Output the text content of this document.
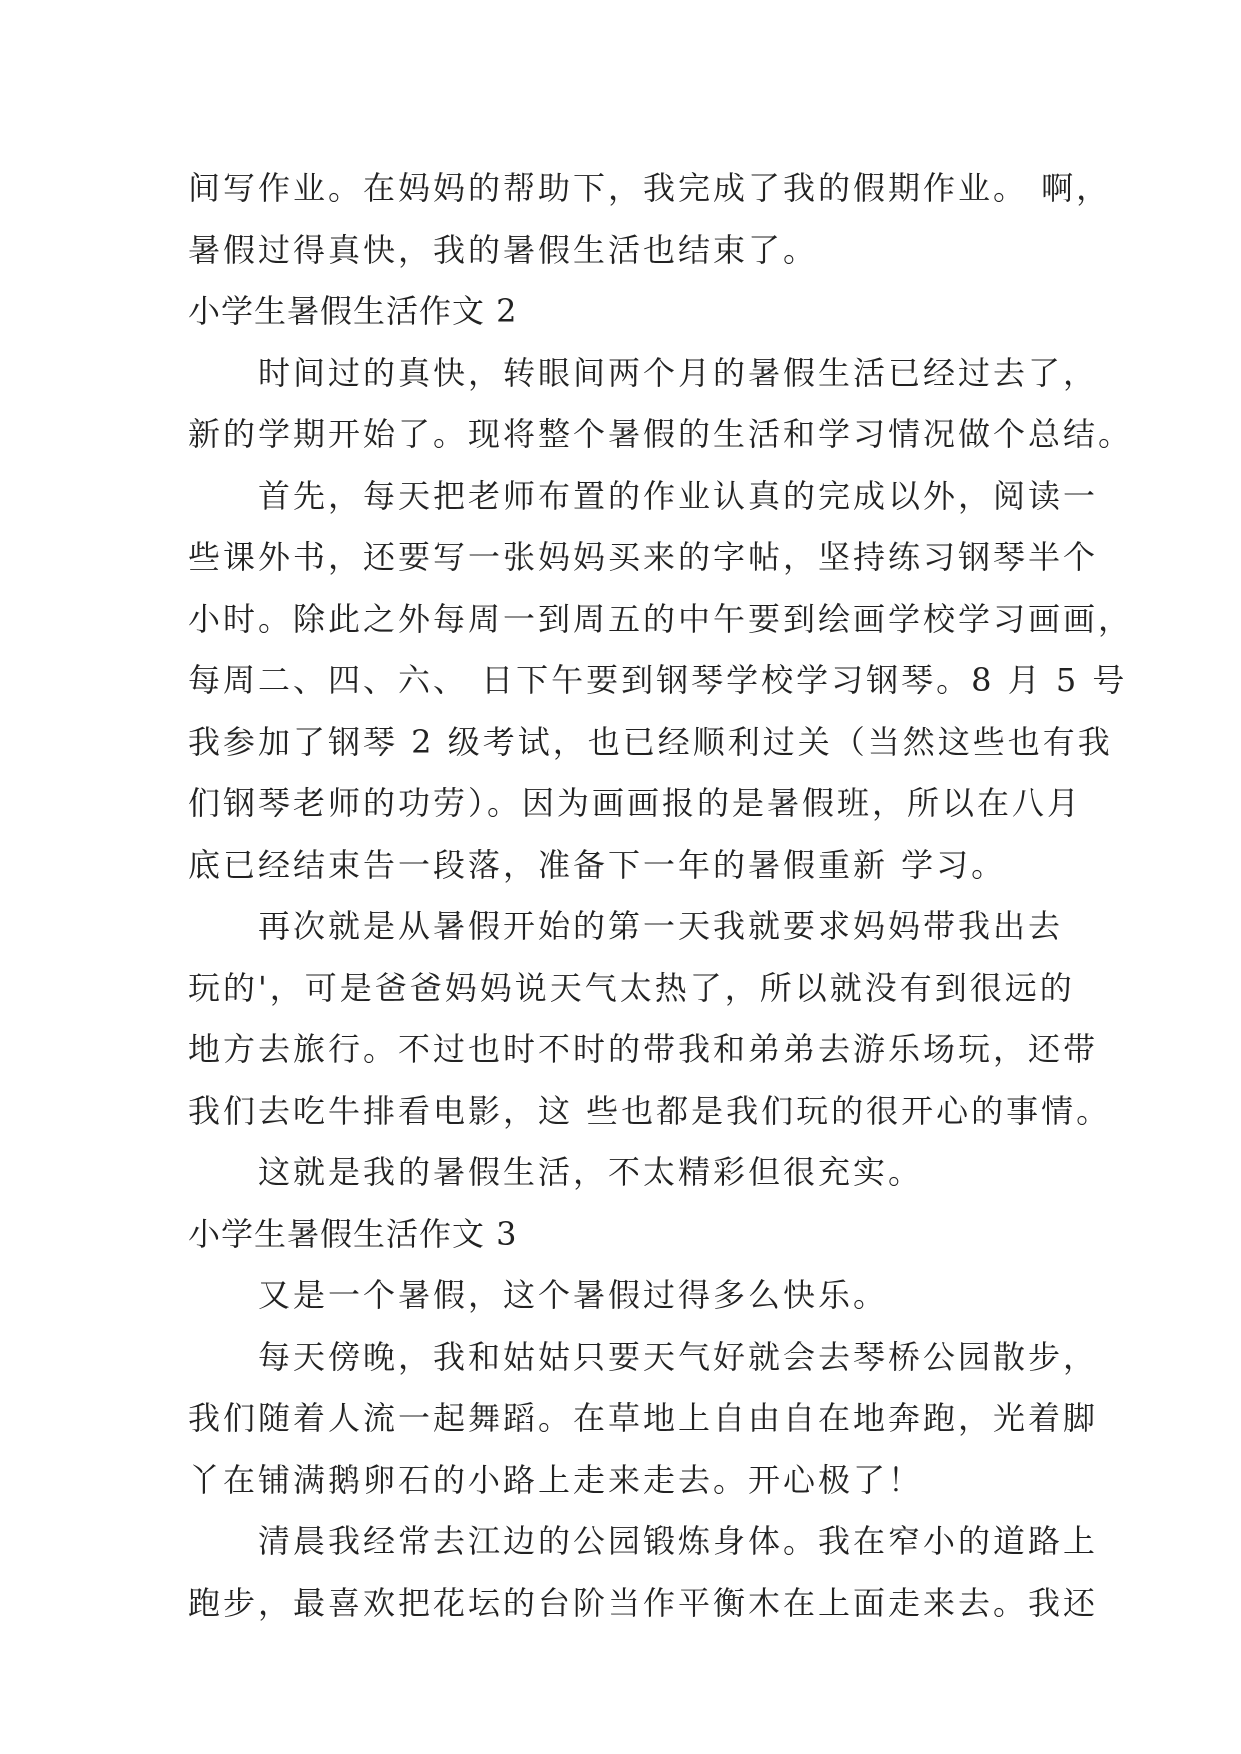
间写作业。在妈妈的帮助下，我完成了我的假期作业。 啊，
暑假过得真快，我的暑假生活也结束了。
小学生暑假生活作文 2
时间过的真快，转眼间两个月的暑假生活已经过去了，
新的学期开始了。现将整个暑假的生活和学习情况做个总结。
首先，每天把老师布置的作业认真的完成以外，阅读一
些课外书，还要写一张妈妈买来的字帖，坚持练习钢琴半个
小时。除此之外每周一到周五的中午要到绘画学校学习画画，
每周二、四、六、 日下午要到钢琴学校学习钢琴。8 月 5 号
我参加了钢琴 2 级考试，也已经顺利过关（当然这些也有我
们钢琴老师的功劳）。因为画画报的是暑假班，所以在八月
底已经结束告一段落，准备下一年的暑假重新 学习。
再次就是从暑假开始的第一天我就要求妈妈带我出去
玩的'，可是爸爸妈妈说天气太热了，所以就没有到很远的
地方去旅行。不过也时不时的带我和弟弟去游乐场玩，还带
我们去吃牛排看电影，这 些也都是我们玩的很开心的事情。
这就是我的暑假生活，不太精彩但很充实。
小学生暑假生活作文 3
又是一个暑假，这个暑假过得多么快乐。
每天傍晚，我和姑姑只要天气好就会去琴桥公园散步，
我们随着人流一起舞蹈。在草地上自由自在地奔跑，光着脚
丫在铺满鹅卵石的小路上走来走去。开心极了！
清晨我经常去江边的公园锻炼身体。我在窄小的道路上
跑步，最喜欢把花坛的台阶当作平衡木在上面走来去。我还
